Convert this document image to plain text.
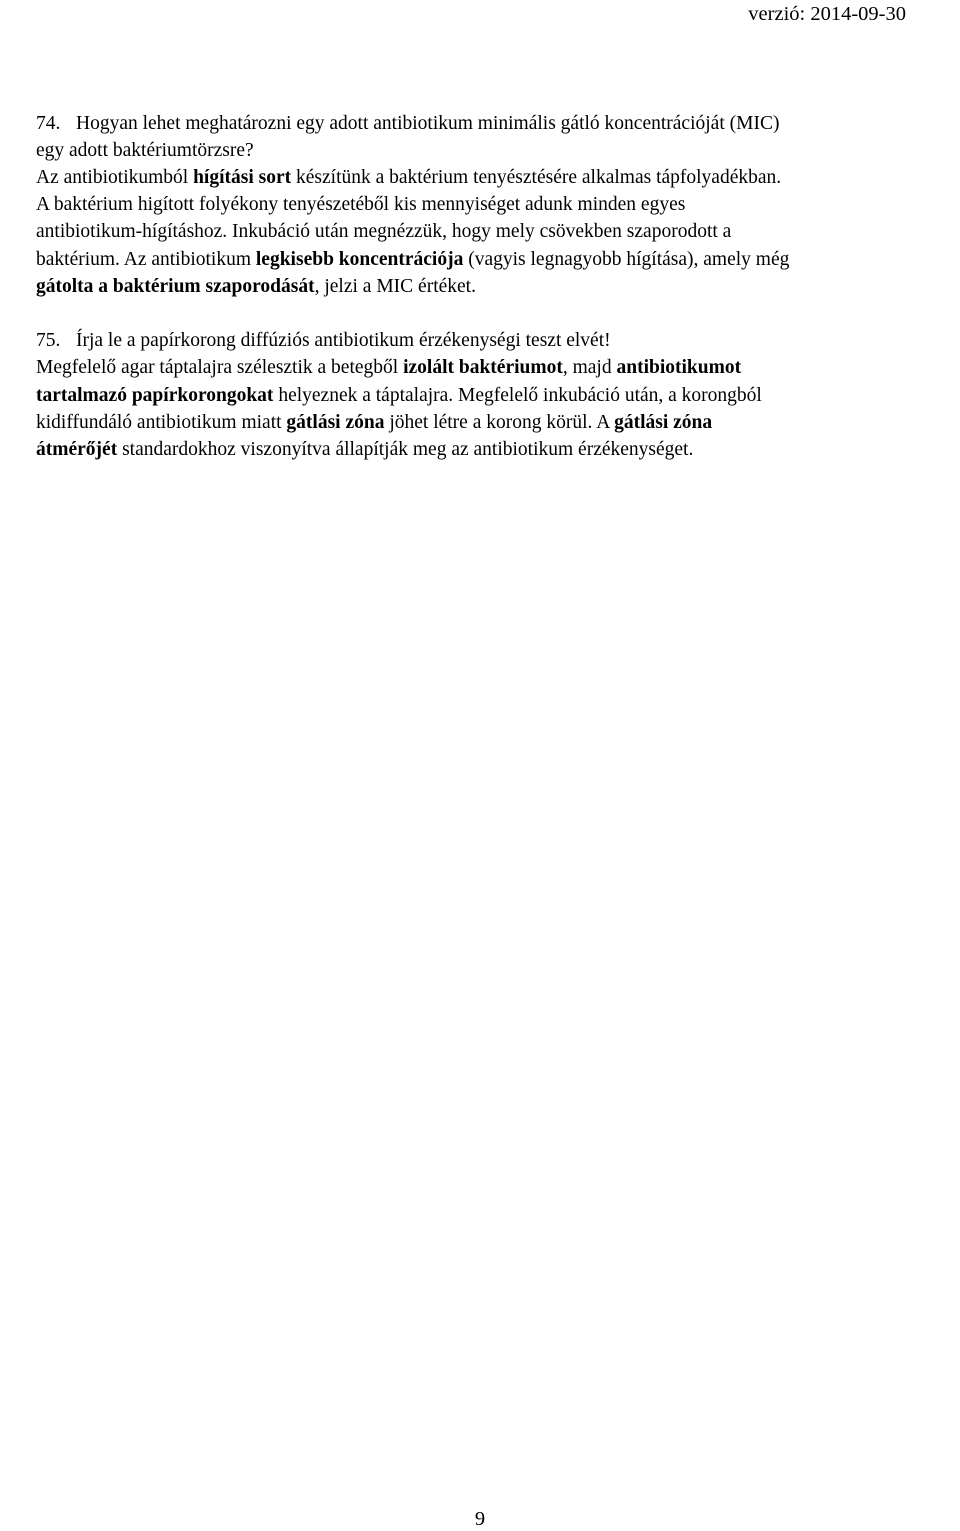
verzió: 2014-09-30
74. Hogyan lehet meghatározni egy adott antibiotikum minimális gátló koncentrációját (MIC)
egy adott baktériumtörzsre?
Az antibiotikumból hígítási sort készítünk a baktérium tenyésztésére alkalmas tápfolyadékban.
A baktérium higított folyékony tenyészetéből kis mennyiséget adunk minden egyes
antibiotikum-hígításhoz. Inkubáció után megnézzük, hogy mely csövekben szaporodott a
baktérium. Az antibiotikum legkisebb koncentrációja (vagyis legnagyobb hígítása), amely még
gátolta a baktérium szaporodását, jelzi a MIC értéket.
75. Írja le a papírkorong diffúziós antibiotikum érzékenységi teszt elvét!
Megfelelő agar táptalajra szélesztik a betegből izolált baktériumot, majd antibiotikumot
tartalmazó papírkorongokat helyeznek a táptalajra. Megfelelő inkubáció után, a korongból
kidiffundáló antibiotikum miatt gátlási zóna jöhet létre a korong körül. A gátlási zóna
átmérőjét standardokhoz viszonyítva állapítják meg az antibiotikum érzékenységet.
9
